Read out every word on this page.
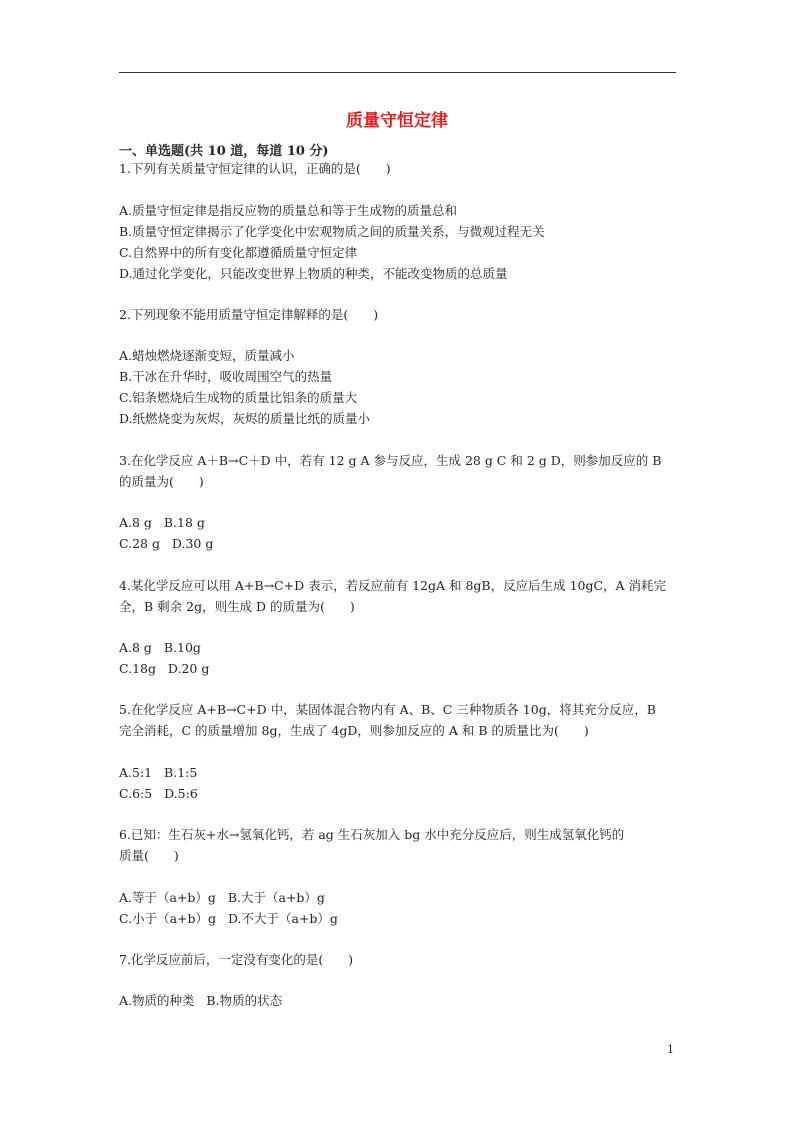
质量守恒定律
一、单选题(共 10 道，每道 10 分)
1.下列有关质量守恒定律的认识，正确的是(　　)
A.质量守恒定律是指反应物的质量总和等于生成物的质量总和
B.质量守恒定律揭示了化学变化中宏观物质之间的质量关系，与微观过程无关
C.自然界中的所有变化都遵循质量守恒定律
D.通过化学变化，只能改变世界上物质的种类，不能改变物质的总质量
2.下列现象不能用质量守恒定律解释的是(　　)
A.蜡烛燃烧逐渐变短，质量减小
B.干冰在升华时，吸收周围空气的热量
C.铝条燃烧后生成物的质量比铝条的质量大
D.纸燃烧变为灰烬，灰烬的质量比纸的质量小
3.在化学反应 A＋B→C＋D 中，若有 12 g A 参与反应，生成 28 g C 和 2 g D，则参加反应的 B
的质量为(　　)
A.8 g   B.18 g
C.28 g   D.30 g
4.某化学反应可以用 A+B→C+D 表示，若反应前有 12gA 和 8gB，反应后生成 10gC，A 消耗完
全，B 剩余 2g，则生成 D 的质量为(　　)
A.8 g   B.10g
C.18g   D.20 g
5.在化学反应 A+B→C+D 中，某固体混合物内有 A、B、C 三种物质各 10g，将其充分反应，B
完全消耗，C 的质量增加 8g，生成了 4gD，则参加反应的 A 和 B 的质量比为(　　)
A.5:1   B.1:5
C.6:5   D.5:6
6.已知：生石灰+水→氢氧化钙，若 ag 生石灰加入 bg 水中充分反应后，则生成氢氧化钙的
质量(　　)
A.等于（a+b）g   B.大于（a+b）g
C.小于（a+b）g   D.不大于（a+b）g
7.化学反应前后，一定没有变化的是(　　)
A.物质的种类   B.物质的状态
1
